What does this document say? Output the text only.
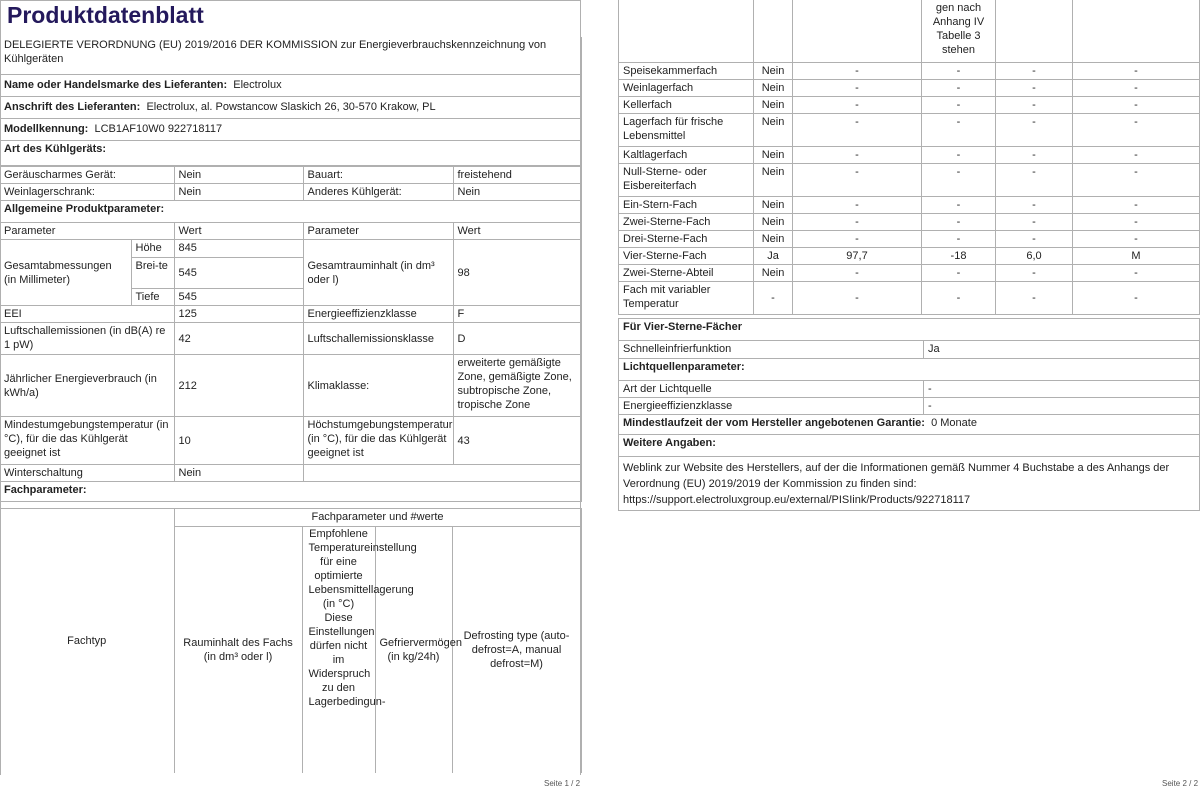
Produktdatenblatt
DELEGIERTE VERORDNUNG (EU) 2019/2016 DER KOMMISSION zur Energieverbrauchskennzeichnung von Kühlgeräten
Name oder Handelsmarke des Lieferanten: Electrolux
Anschrift des Lieferanten: Electrolux, al. Powstancow Slaskich 26, 30-570 Krakow, PL
Modellkennung: LCB1AF10W0 922718117
Art des Kühlgeräts:
Geräuscharmes Gerät:		Nein	Bauart:	freistehend
Weinlagerschrank:		Nein	Anderes Kühlgerät:	Nein
Allgemeine Produktparameter:				
Parameter		Wert	Parameter	Wert
Gesamtabmessungen (in Millimeter)	Höhe	845	Gesamtrauminhalt (in dm³ oder l)	98
	Brei-te	545		
	Tiefe	545		
EEI		125	Energieeffizienzklasse	F
Luftschallemissionen (in dB(A) re 1 pW)		42	Luftschallemissionsklasse	D
Jährlicher Energieverbrauch (in kWh/a)		212	Klimaklasse:	erweiterte gemäßigte Zone, gemäßigte Zone, subtropische Zone, tropische Zone
Mindestumgebungstemperatur (in °C), für die das Kühlgerät geeignet ist		10	Höchstumgebungstemperatur (in °C), für die das Kühlgerät geeignet ist	43
Winterschaltung		Nein		
Fachparameter:				
Fachtyp	Fachparameter und #werte			
	Rauminhalt des Fachs (in dm³ oder l)	Empfohlene Temperatureinstellung für eine optimierte Lebensmittellagerung (in °C) Diese Einstellungen dürfen nicht im Widerspruch zu den Lagerbedingun-	Gefriervermögen (in kg/24h)	Defrosting type (auto-defrost=A, manual defrost=M)
Seite 1 / 2
			gen nach Anhang IV Tabelle 3 stehen		
Speisekammerfach	Nein	-	-	-	-
Weinlagerfach	Nein	-	-	-	-
Kellerfach	Nein	-	-	-	-
Lagerfach für frische Lebensmittel	Nein	-	-	-	-
Kaltlagerfach	Nein	-	-	-	-
Null-Sterne- oder Eisbereiterfach	Nein	-	-	-	-
Ein-Stern-Fach	Nein	-	-	-	-
Zwei-Sterne-Fach	Nein	-	-	-	-
Drei-Sterne-Fach	Nein	-	-	-	-
Vier-Sterne-Fach	Ja	97,7	-18	6,0	M
Zwei-Sterne-Abteil	Nein	-	-	-	-
Fach mit variabler Temperatur	-	-	-	-	-
Für Vier-Sterne-Fächer	
Schnelleinfrierfunktion	Ja
Lichtquellenparameter:	
Art der Lichtquelle	-
Energieeffizienzklasse	-
Mindestlaufzeit der vom Hersteller angebotenen Garantie: 0 Monate	
Weitere Angaben:	
Weblink zur Website des Herstellers, auf der die Informationen gemäß Nummer 4 Buchstabe a des Anhangs der Verordnung (EU) 2019/2019 der Kommission zu finden sind: https://support.electroluxgroup.eu/external/PISIink/Products/922718117	
Seite 2 / 2
